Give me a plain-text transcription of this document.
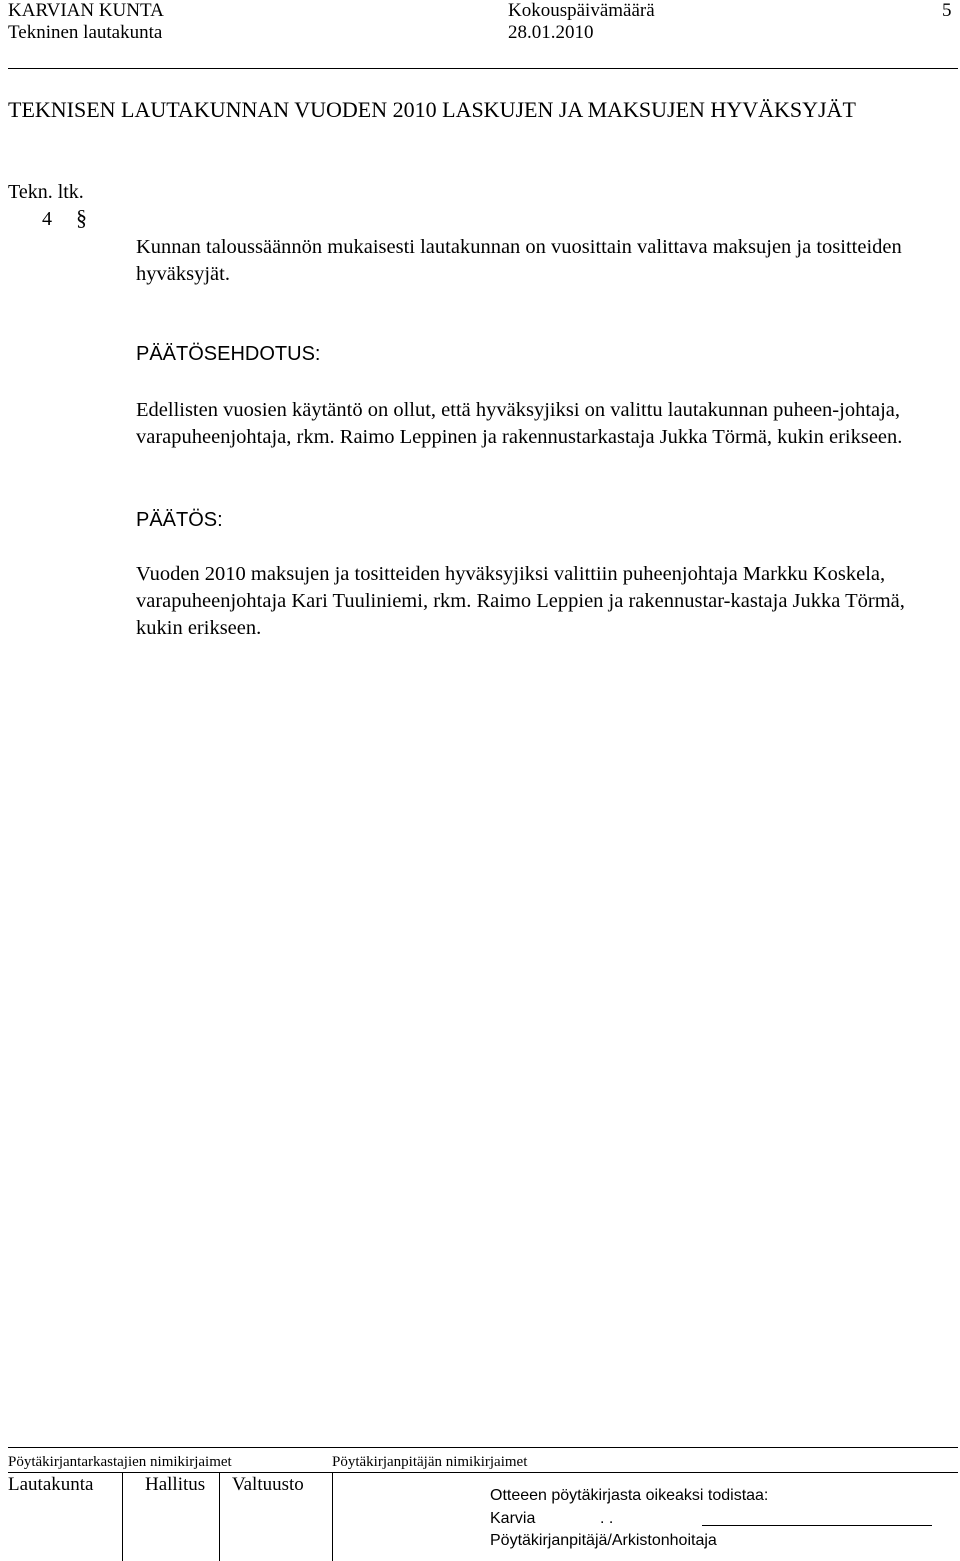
KARVIAN KUNTA
Tekninen lautakunta
Kokouspäivämäärä
28.01.2010
5
TEKNISEN LAUTAKUNNAN VUODEN 2010 LASKUJEN JA MAKSUJEN HYVÄKSYJÄT
Tekn. ltk.
4 §
Kunnan taloussäännön mukaisesti lautakunnan on vuosittain valittava maksujen ja tositteiden hyväksyjät.
PÄÄTÖSEHDOTUS:
Edellisten vuosien käytäntö on ollut, että hyväksyjiksi on valittu lautakunnan puheen-johtaja, varapuheenjohtaja, rkm. Raimo Leppinen ja rakennustarkastaja Jukka Törmä, kukin erikseen.
PÄÄTÖS:
Vuoden 2010 maksujen ja tositteiden hyväksyjiksi valittiin puheenjohtaja Markku Koskela, varapuheenjohtaja Kari Tuuliniemi, rkm. Raimo Leppien ja rakennustar-kastaja Jukka Törmä, kukin erikseen.
Pöytäkirjantarkastajien nimikirjaimet	Pöytäkirjanpitäjän nimikirjaimet
Lautakunta	Hallitus Valtuusto
Otteeen pöytäkirjasta oikeaksi todistaa:
Karvia	. .
Pöytäkirjanpitäjä/Arkistonhoitaja
